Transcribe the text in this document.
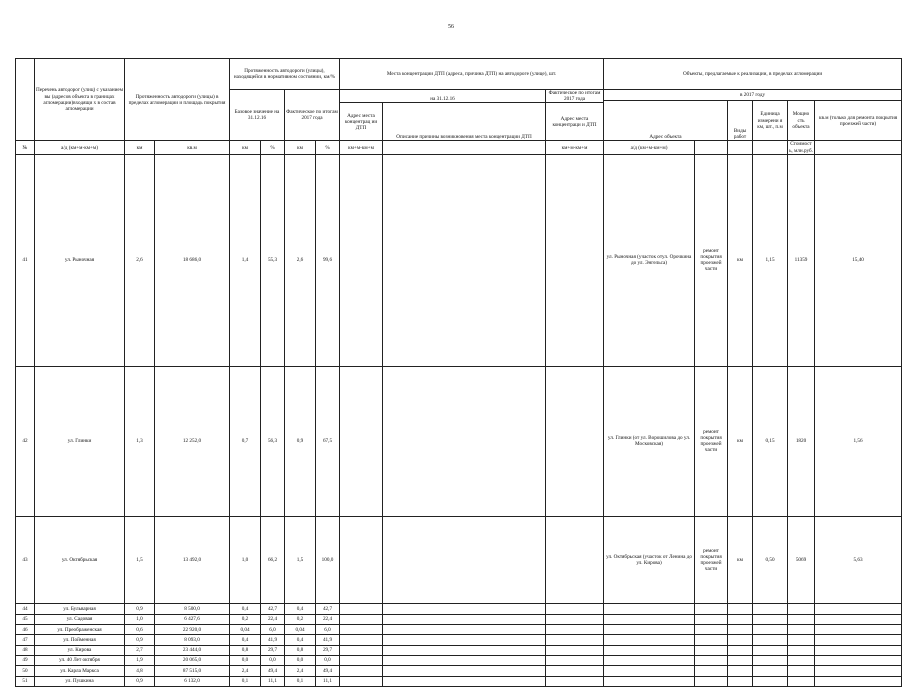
56
	Перечень автодорог (улиц) с указанием вы (адресов объекта в границах агломерации)входящи х в состав агломерации	Протяженность автодороги (улицы) в пределах агломерации и площадь покрытия		Протяженность автодороги (улицы), находящейся в нормативном состоянии, км/%				Места концентрации ДТП (адреса, причина ДТП) на автодороге (улице), шт.			Объекты, предлагаемые к реализации, в пределах агломерации	
				Базовое значение на 31.12.16		Фактическое по итогам 2017 года		на 31.12.16		Фактическое по итогам 2017 года	в 2017 году						
											Адрес объекта		Виды работ	Единица измерени я км, шт., п.м	Мощно сть объекта	кв.м (только для ремонта покрытия проезжей части)	
								Адрес места концентрац ии ДТП	Описание причины возникновения места концентрации ДТП	Адрес места концентраци и ДТП							
№	а/д (км+м-км+м)	км	кв.м	км	%	км	%	км+м-км+м		км+м-км+м	а/д (км+м-км+м)				Стоимост ь, млн.руб.		
41	ул. Рыночная	2,6	18 686,0	1,4	55,3	2,6	99,6				ул. Рыночная (участок отул. Орочкина до ул. Энгельса)	ремонт покрытия проезжей части	км	1,15	11359	15,40	
42	ул. Глинки	1,3	12 252,0	0,7	56,3	0,9	67,5				ул. Глинки (от ул. Ворошилова до ул. Московская)	ремонт покрытия проезжей части	км	0,15	1820	1,56	
43	ул. Октябрьская	1,5	13 492,0	1,0	66,2	1,5	100,0				ул. Октябрьская (участок от Ленина до ул. Кирова)	ремонт покрытия проезжей части	км	0,50	5069	5,63	
44	ул. Бульварная	0,9	8 500,0	0,4	42,7	0,4	42,7										
45	ул. Садовая	1,0	6 427,6	0,2	22,4	0,2	22,4										
46	ул. Преображенская	0,6	22 920,0	0,04	6,0	0,04	6,0										
47	ул. Пойменная	0,9	8 093,0	0,4	41,9	0,4	41,9										
48	ул. Кирова	2,7	23 444,0	0,8	29,7	0,8	29,7										
49	ул. 40 Лет октября	1,9	20 065,0	0,0	0,0	0,0	0,0										
50	ул. Карла Маркса	4,8	87 515,0	2,4	49,4	2,4	49,4										
51	ул. Пушкина	0,9	6 132,0	0,1	11,1	0,1	11,1										
